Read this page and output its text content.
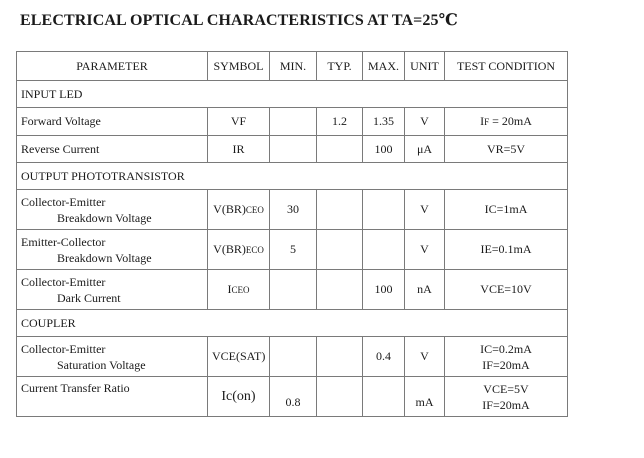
ELECTRICAL OPTICAL CHARACTERISTICS AT TA=25℃
PARAMETER	SYMBOL	MIN.	TYP.	MAX.	UNIT	TEST CONDITION
INPUT LED						
Forward Voltage	VF		1.2	1.35	V	IF = 20mA
Reverse Current	IR			100	μA	VR=5V
OUTPUT PHOTOTRANSISTOR						

Collector-Emitter
Breakdown Voltage	V(BR)CEO	30			V	IC=1mA

Emitter-Collector
Breakdown Voltage	V(BR)ECO	5			V	IE=0.1mA

Collector-Emitter
Dark Current	ICEO			100	nA	VCE=10V
COUPLER						

Collector-Emitter
Saturation Voltage	VCE(SAT)			0.4	V	IC=0.2mA
IF=20mA

Current Transfer Ratio	Ic(on)	0.8			mA	VCE=5V
IF=20mA
